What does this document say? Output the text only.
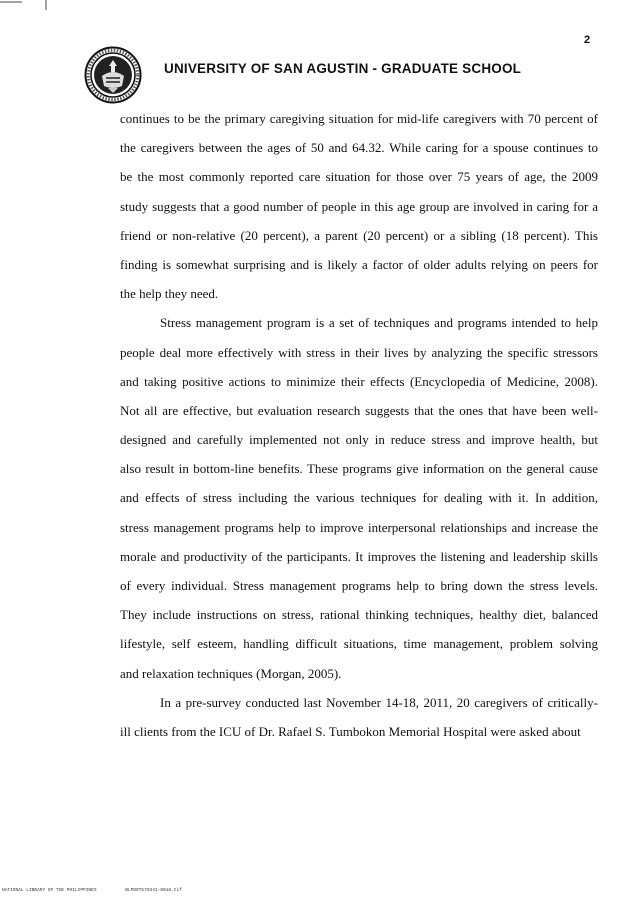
2
UNIVERSITY OF SAN AGUSTIN - GRADUATE SCHOOL
continues to be the primary caregiving situation for mid-life caregivers with 70 percent of
the caregivers between the ages of 50 and 64.32. While caring for a spouse continues to
be the most commonly reported care situation for those over 75 years of age, the 2009
study suggests that a good number of people in this age group are involved in caring for a
friend or non-relative (20 percent), a parent (20 percent) or a sibling (18 percent). This
finding is somewhat surprising and is likely a factor of older adults relying on peers for
the help they need.
Stress management program is a set of techniques and programs intended to help
people deal more effectively with stress in their lives by analyzing the specific stressors
and taking positive actions to minimize their effects (Encyclopedia of Medicine, 2008).
Not all are effective, but evaluation research suggests that the ones that have been well-
designed and carefully implemented not only in reduce stress and improve health, but
also result in bottom-line benefits. These programs give information on the general cause
and effects of stress including the various techniques for dealing with it. In addition,
stress management programs help to improve interpersonal relationships and increase the
morale and productivity of the participants. It improves the listening and leadership skills
of every individual. Stress management programs help to bring down the stress levels.
They include instructions on stress, rational thinking techniques, healthy diet, balanced
lifestyle, self esteem, handling difficult situations, time management, problem solving
and relaxation techniques (Morgan, 2005).
In a pre-survey conducted last November 14-18, 2011, 20 caregivers of critically-
ill clients from the ICU of Dr. Rafael S. Tumbokon Memorial Hospital were asked about
NATIONAL LIBRARY OF THE PHILIPPINES	BLPD0TG76341-0016.tif
